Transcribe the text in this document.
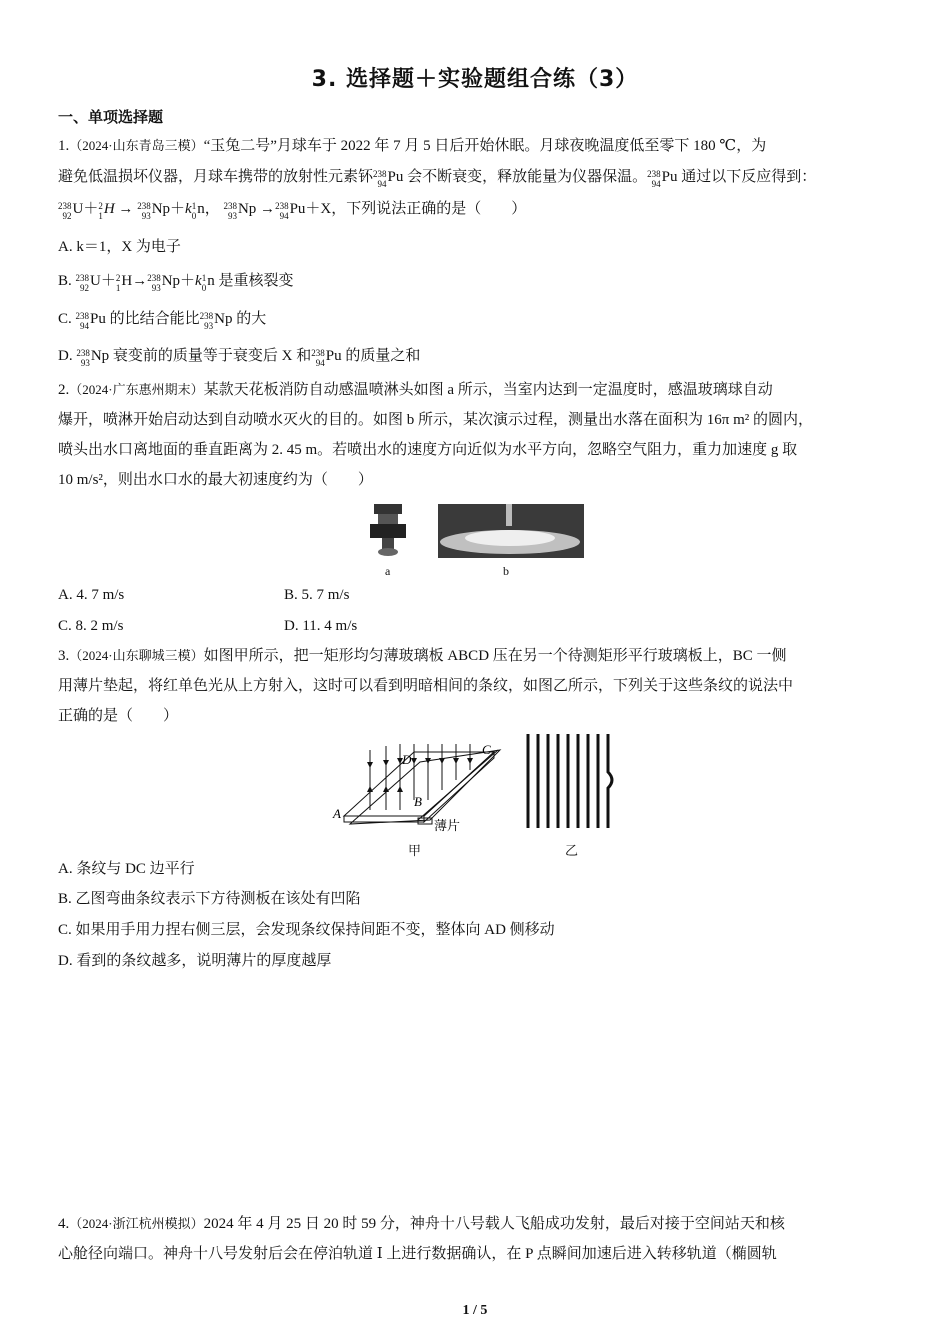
3. 选择题＋实验题组合练（3）
一、单项选择题
1.（2024·山东青岛三模）“玉兔二号”月球车于 2022 年 7 月 5 日后开始休眠。月球夜晚温度低至零下 180 ℃，为
避免低温损坏仪器，月球车携带的放射性元素钚 238
94 Pu 会不断衰变，释放能量为仪器保温。 238
94 Pu 通过以下反应得到：
238
92 U＋ 2
1 H → 238
93 Np＋k 1
0 n， 238
93 Np → 238
94 Pu＋X，下列说法正确的是（　　）
A. k＝1，X 为电子
B. 238
92 U＋ 2
1 H→ 238
93 Np＋k 1
0 n 是重核裂变
C. 238
94 Pu 的比结合能比 238
93 Np 的大
D. 238
93 Np 衰变前的质量等于衰变后 X 和 238
94 Pu 的质量之和
2.（2024·广东惠州期末）某款天花板消防自动感温喷淋头如图 a 所示，当室内达到一定温度时，感温玻璃球自动
爆开，喷淋开始启动达到自动喷水灭火的目的。如图 b 所示，某次演示过程，测量出水落在面积为 16π m² 的圆内，
喷头出水口离地面的垂直距离为 2. 45 m。若喷出水的速度方向近似为水平方向，忽略空气阻力，重力加速度 g 取
10 m/s²，则出水口水的最大初速度约为（　　）
a	b
A. 4. 7 m/s	B. 5. 7 m/s
C. 8. 2 m/s	D. 11. 4 m/s
3.（2024·山东聊城三模）如图甲所示，把一矩形均匀薄玻璃板 ABCD 压在另一个待测矩形平行玻璃板上，BC 一侧
用薄片垫起，将红单色光从上方射入，这时可以看到明暗相间的条纹，如图乙所示，下列关于这些条纹的说法中
正确的是（　　）
A
B
C
D
薄片
甲	乙
A. 条纹与 DC 边平行
B. 乙图弯曲条纹表示下方待测板在该处有凹陷
C. 如果用手用力捏右侧三层，会发现条纹保持间距不变，整体向 AD 侧移动
D. 看到的条纹越多，说明薄片的厚度越厚
4.（2024·浙江杭州模拟）2024 年 4 月 25 日 20 时 59 分，神舟十八号载人飞船成功发射，最后对接于空间站天和核
心舱径向端口。神舟十八号发射后会在停泊轨道 Ⅰ 上进行数据确认，在 P 点瞬间加速后进入转移轨道（椭圆轨
1 / 5
